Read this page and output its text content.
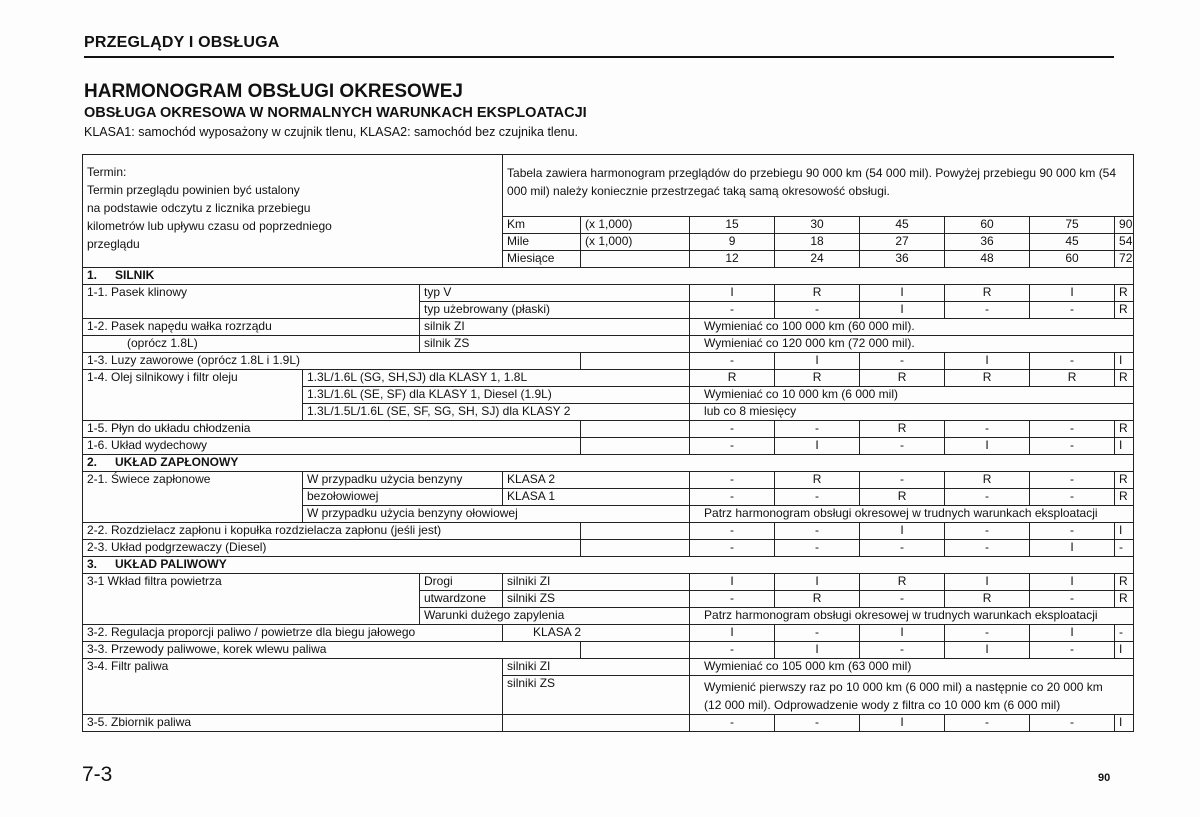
PRZEGLĄDY I OBSŁUGA
HARMONOGRAM OBSŁUGI OKRESOWEJ
OBSŁUGA OKRESOWA W NORMALNYCH WARUNKACH EKSPLOATACJI
KLASA1: samochód wyposażony w czujnik tlenu, KLASA2: samochód bez czujnika tlenu.
Termin:
Termin przeglądu powinien być ustalony
na podstawie odczytu z licznika przebiegu
kilometrów lub upływu czasu od poprzedniego
przeglądu			Tabela zawiera harmonogram przeglądów do przebiegu 90 000 km (54 000 mil). Powyżej przebiegu 90 000 km (54 000 mil) należy koniecznie przestrzegać taką samą okresowość obsługi.							
			Km	(x 1,000)	15	30	45	60	75	90
			Mile	(x 1,000)	9	18	27	36	45	54
			Miesiące		12	24	36	48	60	72
1. SILNIK										
1-1. Pasek klinowy		typ V			I	R	I	R	I	R
		typ użebrowany (płaski)			-	-	I	-	-	R
1-2. Pasek napędu wałka rozrządu		silnik ZI			Wymieniać co 100 000 km (60 000 mil).					
(oprócz 1.8L)		silnik ZS			Wymieniać co 120 000 km (72 000 mil).					
1-3. Luzy zaworowe (oprócz 1.8L i 1.9L)					-	I	-	I	-	I
1-4. Olej silnikowy i filtr oleju	1.3L/1.6L (SG, SH,SJ) dla KLASY 1, 1.8L				R	R	R	R	R	R
	1.3L/1.6L (SE, SF) dla KLASY 1, Diesel (1.9L)				Wymieniać co 10 000 km (6 000 mil)					
	1.3L/1.5L/1.6L (SE, SF, SG, SH, SJ) dla KLASY 2				lub co 8 miesięcy					
1-5. Płyn do układu chłodzenia					-	-	R	-	-	R
1-6. Układ wydechowy					-	I	-	I	-	I
2. UKŁAD ZAPŁONOWY										
2-1. Świece zapłonowe	W przypadku użycia benzyny		KLASA 2		-	R	-	R	-	R
	bezołowiowej		KLASA 1		-	-	R	-	-	R
	W przypadku użycia benzyny ołowiowej				Patrz harmonogram obsługi okresowej w trudnych warunkach eksploatacji					
2-2. Rozdzielacz zapłonu i kopułka rozdzielacza zapłonu (jeśli jest)					-	-	I	-	-	I
2-3. Układ podgrzewaczy (Diesel)					-	-	-	-	I	-
3. UKŁAD PALIWOWY										
3-1 Wkład filtra powietrza		Drogi	silniki ZI		I	I	R	I	I	R
		utwardzone	silniki ZS		-	R	-	R	-	R
		Warunki dużego zapylenia			Patrz harmonogram obsługi okresowej w trudnych warunkach eksploatacji					
3-2. Regulacja proporcji paliwo / powietrze dla biegu jałowego			KLASA 2		I	-	I	-	I	-
3-3. Przewody paliwowe, korek wlewu paliwa					-	I	-	I	-	I
3-4. Filtr paliwa			silniki ZI		Wymieniać co 105 000 km (63 000 mil)					
			silniki ZS		Wymienić pierwszy raz po 10 000 km (6 000 mil) a następnie co 20 000 km
(12 000 mil). Odprowadzenie wody z filtra co 10 000 km (6 000 mil)					
3-5. Zbiornik paliwa					-	-	I	-	-	I
7-3	90
